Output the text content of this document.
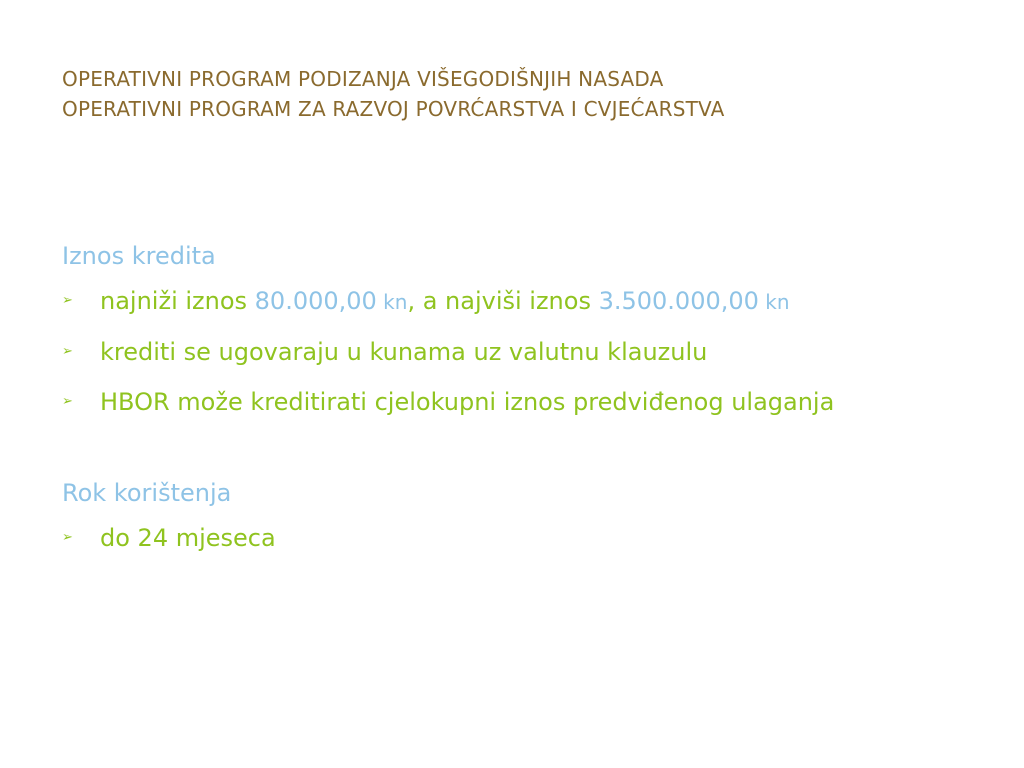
OPERATIVNI PROGRAM PODIZANJA VIŠEGODIŠNJIH NASADA
OPERATIVNI PROGRAM ZA RAZVOJ POVRĆARSTVA I CVJEĆARSTVA
Iznos kredita
➢ najniži iznos 80.000,00 kn, a najviši iznos 3.500.000,00 kn
➢ krediti se ugovaraju u kunama uz valutnu klauzulu
➢ HBOR može kreditirati cjelokupni iznos predviđenog ulaganja
Rok korištenja
➢ do 24 mjeseca
